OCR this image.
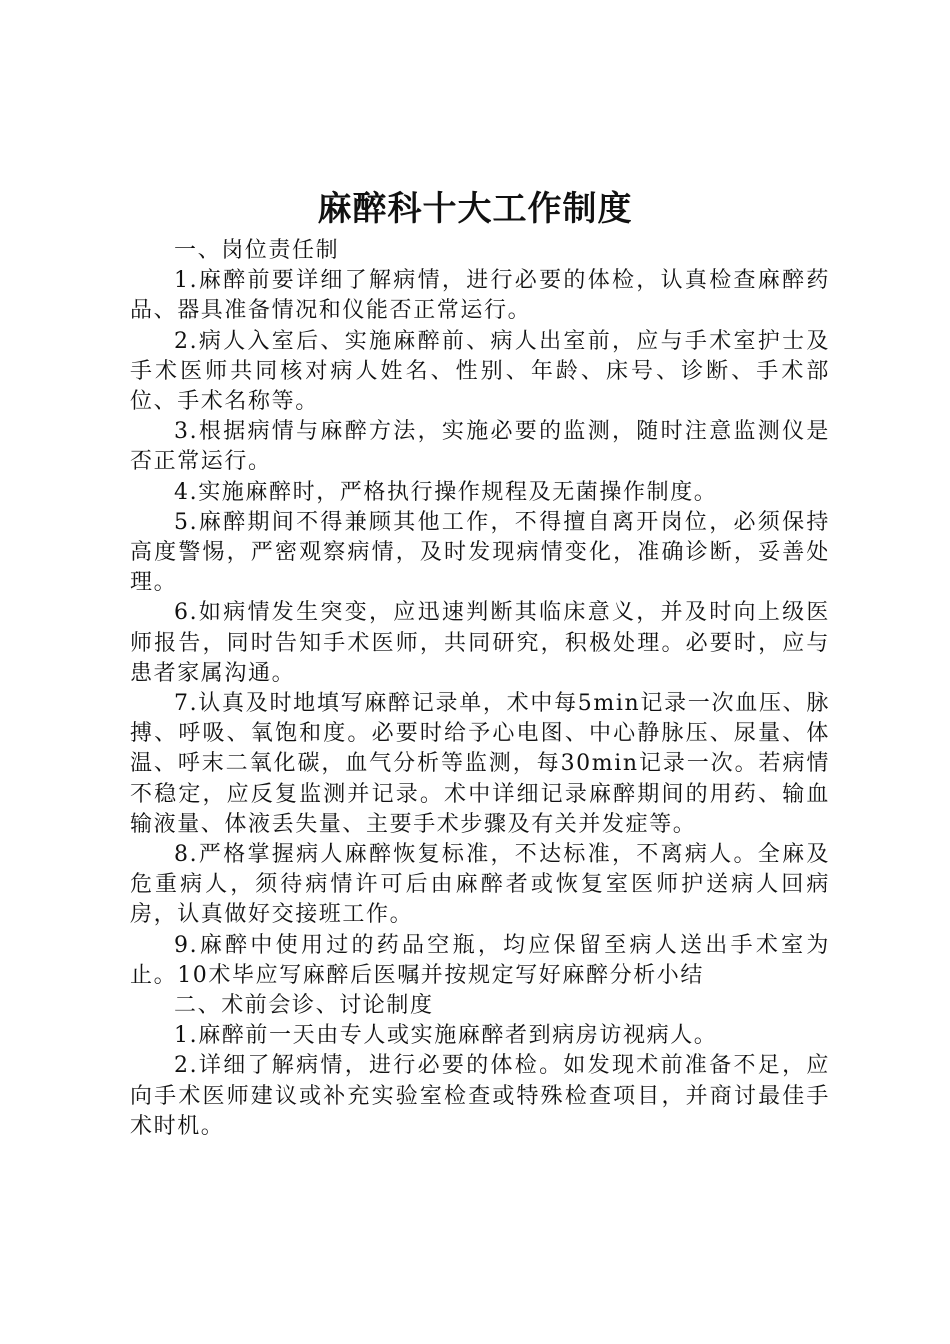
麻醉科十大工作制度

一、岗位责任制

1.麻醉前要详细了解病情，进行必要的体检，认真检查麻醉药品、器具准备情况和仪能否正常运行。

2.病人入室后、实施麻醉前、病人出室前，应与手术室护士及手术医师共同核对病人姓名、性别、年龄、床号、诊断、手术部位、手术名称等。

3.根据病情与麻醉方法，实施必要的监测，随时注意监测仪是否正常运行。

4.实施麻醉时，严格执行操作规程及无菌操作制度。

5.麻醉期间不得兼顾其他工作，不得擅自离开岗位，必须保持高度警惕，严密观察病情，及时发现病情变化，准确诊断，妥善处理。

6.如病情发生突变，应迅速判断其临床意义，并及时向上级医师报告，同时告知手术医师，共同研究，积极处理。必要时，应与患者家属沟通。

7.认真及时地填写麻醉记录单，术中每5min记录一次血压、脉搏、呼吸、氧饱和度。必要时给予心电图、中心静脉压、尿量、体温、呼末二氧化碳，血气分析等监测，每30min记录一次。若病情不稳定，应反复监测并记录。术中详细记录麻醉期间的用药、输血输液量、体液丢失量、主要手术步骤及有关并发症等。

8.严格掌握病人麻醉恢复标准，不达标准，不离病人。全麻及危重病人，须待病情许可后由麻醉者或恢复室医师护送病人回病房，认真做好交接班工作。

9.麻醉中使用过的药品空瓶，均应保留至病人送出手术室为止。10术毕应写麻醉后医嘱并按规定写好麻醉分析小结

二、术前会诊、讨论制度

1.麻醉前一天由专人或实施麻醉者到病房访视病人。

2.详细了解病情，进行必要的体检。如发现术前准备不足，应向手术医师建议或补充实验室检查或特殊检查项目，并商讨最佳手术时机。
